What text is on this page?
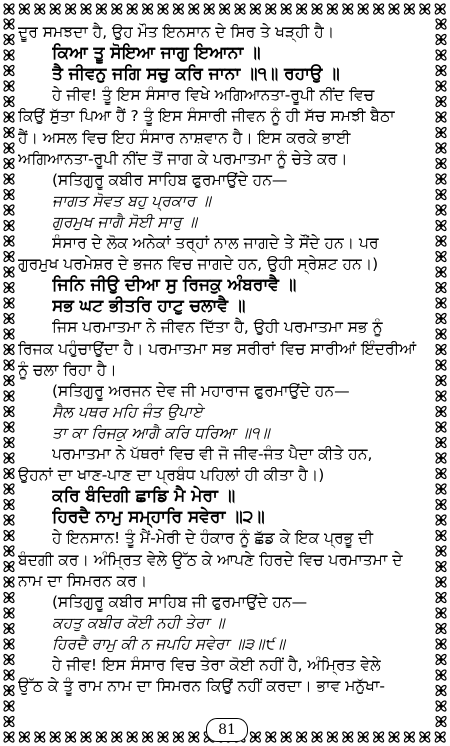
ਦੂਰ ਸਮਝਦਾ ਹੈ, ਉਹ ਮੌਤ ਇਨਸਾਨ ਦੇ ਸਿਰ ਤੇ ਖੜ੍ਹੀ ਹੈ।
ਕਿਆ ਤੂ ਸੋਇਆ ਜਾਗੁ ਇਆਨਾ ॥
ਤੈ ਜੀਵਨੁ ਜਗਿ ਸਚੁ ਕਰਿ ਜਾਨਾ ॥੧॥ ਰਹਾਉ ॥
ਹੇ ਜੀਵ! ਤੂੰ ਇਸ ਸੰਸਾਰ ਵਿਖੇ ਅਗਿਆਨਤਾ-ਰੂਪੀ ਨੀਂਦ ਵਿਚ
ਕਿਉਂ ਸੁੱਤਾ ਪਿਆ ਹੈਂ ? ਤੂੰ ਇਸ ਸੰਸਾਰੀ ਜੀਵਨ ਨੂੰ ਹੀ ਸੱਚ ਸਮਝੀ ਬੈਠਾ
ਹੈਂ। ਅਸਲ ਵਿਚ ਇਹ ਸੰਸਾਰ ਨਾਸ਼ਵਾਨ ਹੈ। ਇਸ ਕਰਕੇ ਭਾਈ
ਅਗਿਆਨਤਾ-ਰੂਪੀ ਨੀਂਦ ਤੋਂ ਜਾਗ ਕੇ ਪਰਮਾਤਮਾ ਨੂੰ ਚੇਤੇ ਕਰ।
(ਸਤਿਗੁਰੂ ਕਬੀਰ ਸਾਹਿਬ ਫੁਰਮਾਉਂਦੇ ਹਨ—
ਜਾਗਤ ਸੋਵਤ ਬਹੁ ਪ੍ਰਕਾਰ ॥
ਗੁਰਮੁਖ ਜਾਗੈ ਸੋਈ ਸਾਰੁ ॥
ਸੰਸਾਰ ਦੇ ਲੋਕ ਅਨੇਕਾਂ ਤਰ੍ਹਾਂ ਨਾਲ ਜਾਗਦੇ ਤੇ ਸੌਂਦੇ ਹਨ। ਪਰ
ਗੁਰਮੁਖ ਪਰਮੇਸ਼ਰ ਦੇ ਭਜਨ ਵਿਚ ਜਾਗਦੇ ਹਨ, ਉਹੀ ਸ੍ਰੇਸ਼ਟ ਹਨ।)
ਜਿਨਿ ਜੀਉ ਦੀਆ ਸੁ ਰਿਜਕੁ ਅੰਬਰਾਵੈ ॥
ਸਭ ਘਟ ਭੀਤਰਿ ਹਾਟੁ ਚਲਾਵੈ ॥
ਜਿਸ ਪਰਮਾਤਮਾ ਨੇ ਜੀਵਨ ਦਿੱਤਾ ਹੈ, ਉਹੀ ਪਰਮਾਤਮਾ ਸਭ ਨੂੰ
ਰਿਜਕ ਪਹੁੰਚਾਉਂਦਾ ਹੈ। ਪਰਮਾਤਮਾ ਸਭ ਸਰੀਰਾਂ ਵਿਚ ਸਾਰੀਆਂ ਇੰਦਰੀਆਂ
ਨੂੰ ਚਲਾ ਰਿਹਾ ਹੈ।
(ਸਤਿਗੁਰੂ ਅਰਜਨ ਦੇਵ ਜੀ ਮਹਾਰਾਜ ਫੁਰਮਾਉਂਦੇ ਹਨ—
ਸੈਲ ਪਥਰ ਮਹਿ ਜੰਤ ਉਪਾਏ
ਤਾ ਕਾ ਰਿਜਕੁ ਆਗੈ ਕਰਿ ਧਰਿਆ ॥੧॥
ਪਰਮਾਤਮਾ ਨੇ ਪੱਥਰਾਂ ਵਿਚ ਵੀ ਜੋ ਜੀਵ-ਜੰਤ ਪੈਦਾ ਕੀਤੇ ਹਨ,
ਉਹਨਾਂ ਦਾ ਖਾਣ-ਪਾਣ ਦਾ ਪ੍ਰਬੰਧ ਪਹਿਲਾਂ ਹੀ ਕੀਤਾ ਹੈ।)
ਕਰਿ ਬੰਦਿਗੀ ਛਾਡਿ ਮੈ ਮੇਰਾ ॥
ਹਿਰਦੈ ਨਾਮੁ ਸਮ੍ਹਾਰਿ ਸਵੇਰਾ ॥੨॥
ਹੇ ਇਨਸਾਨ! ਤੂੰ ਮੈਂ-ਮੇਰੀ ਦੇ ਹੰਕਾਰ ਨੂੰ ਛੱਡ ਕੇ ਇਕ ਪ੍ਰਭੂ ਦੀ
ਬੰਦਗੀ ਕਰ। ਅੰਮ੍ਰਿਤ ਵੇਲੇ ਉੱਠ ਕੇ ਆਪਣੇ ਹਿਰਦੇ ਵਿਚ ਪਰਮਾਤਮਾ ਦੇ
ਨਾਮ ਦਾ ਸਿਮਰਨ ਕਰ।
(ਸਤਿਗੁਰੂ ਕਬੀਰ ਸਾਹਿਬ ਜੀ ਫੁਰਮਾਉਂਦੇ ਹਨ—
ਕਹਤੁ ਕਬੀਰ ਕੋਈ ਨਹੀ ਤੇਰਾ ॥
ਹਿਰਦੈ ਰਾਮੁ ਕੀ ਨ ਜਪਹਿ ਸਵੇਰਾ ॥੩॥੯॥
ਹੇ ਜੀਵ! ਇਸ ਸੰਸਾਰ ਵਿਚ ਤੇਰਾ ਕੋਈ ਨਹੀਂ ਹੈ, ਅੰਮ੍ਰਿਤ ਵੇਲੇ
ਉੱਠ ਕੇ ਤੂੰ ਰਾਮ ਨਾਮ ਦਾ ਸਿਮਰਨ ਕਿਉਂ ਨਹੀਂ ਕਰਦਾ। ਭਾਵ ਮਨੁੱਖਾ-
81
